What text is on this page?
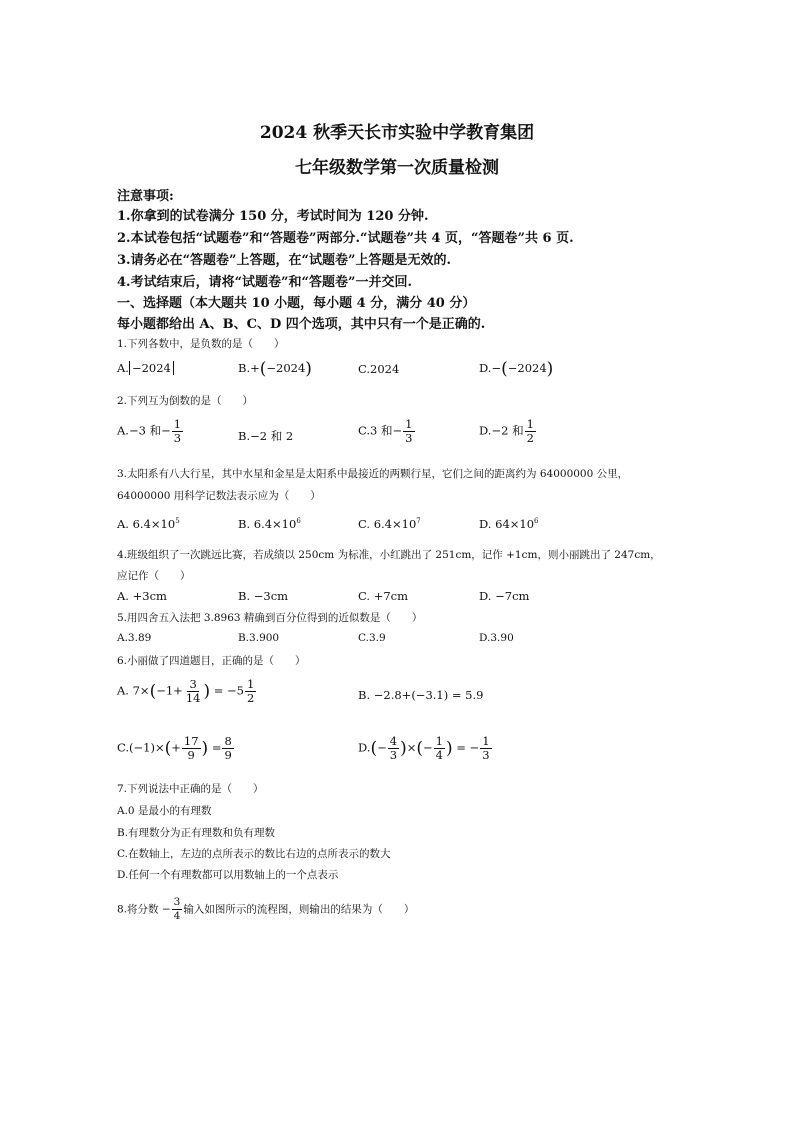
2024 秋季天长市实验中学教育集团
七年级数学第一次质量检测
注意事项:
1.你拿到的试卷满分 150 分，考试时间为 120 分钟.
2.本试卷包括“试题卷”和“答题卷”两部分.“试题卷”共 4 页，“答题卷”共 6 页.
3.请务必在“答题卷”上答题，在“试题卷”上答题是无效的.
4.考试结束后，请将“试题卷”和“答题卷”一并交回.
一、选择题（本大题共 10 小题，每小题 4 分，满分 40 分）
每小题都给出 A、B、C、D 四个选项，其中只有一个是正确的.
1.下列各数中，是负数的是（　　）
A. −2024	B.+(−2024)	C.2024	D.−(−2024)
2.下列互为倒数的是（　　）
A.−3 和− $\frac{1}{3}$	B.−2 和 2	C.3 和− $\frac{1}{3}$	D.−2 和 $\frac{1}{2}$
3.太阳系有八大行星，其中水星和金星是太阳系中最接近的两颗行星，它们之间的距离约为 64000000 公里，
64000000 用科学记数法表示应为（　　）
A. $6.4\times 10^5$	B. $6.4\times 10^6$	C. $6.4\times 10^7$	D. $64\times 10^6$
4.班级组织了一次跳远比赛，若成绩以 250cm 为标准，小红跳出了 251cm，记作 +1cm，则小丽跳出了 247cm，
应记作（　　）
A. +3cm	B. −3cm	C. +7cm	D. −7cm
5.用四舍五入法把 3.8963 精确到百分位得到的近似数是（　　）
A.3.89	B.3.900	C.3.9	D.3.90
6.小丽做了四道题目，正确的是（　　）
A. $7\times(-1+ \frac{3}{14}$ ) = $-5 \frac{1}{2}$	B. −2.8+(−3.1) = 5.9
$C.(-1)\times(+ \frac{17}{9}$ ) = $\frac{8}{9}$	$D.(- \frac{4}{3}$ )×(− $\frac{1}{4}$ ) = − $\frac{1}{3}$
7.下列说法中正确的是（　　）
A.0 是最小的有理数
B.有理数分为正有理数和负有理数
C.在数轴上，左边的点所表示的数比右边的点所表示的数大
D.任何一个有理数都可以用数轴上的一个点表示
8.将分数 − $\frac{3}{4}$ 输入如图所示的流程图，则输出的结果为（　　）
